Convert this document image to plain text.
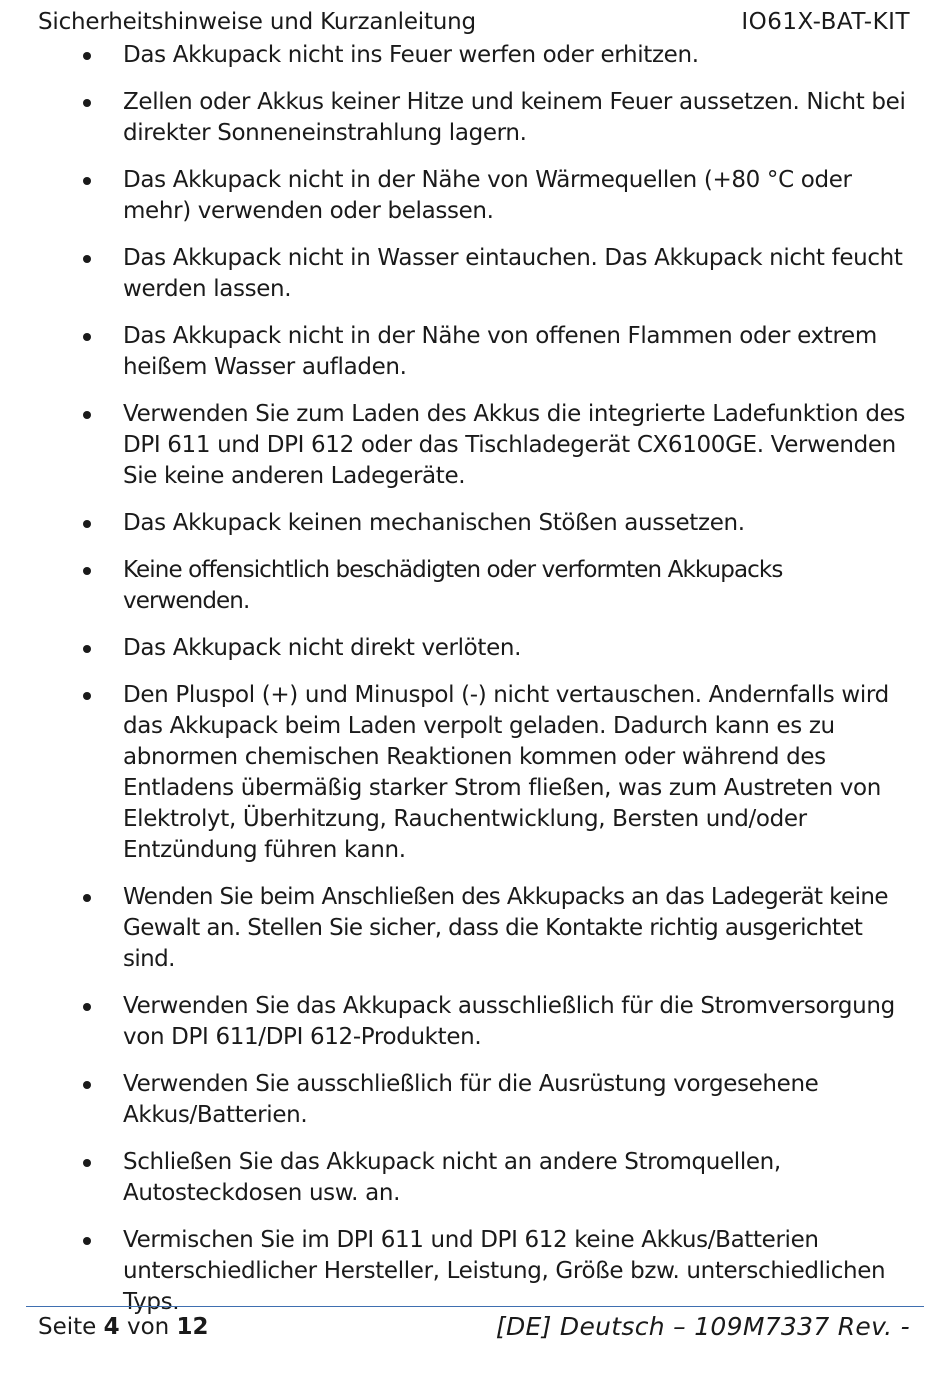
Sicherheitshinweise und Kurzanleitung	IO61X-BAT-KIT
Das Akkupack nicht ins Feuer werfen oder erhitzen.
Zellen oder Akkus keiner Hitze und keinem Feuer aussetzen. Nicht bei direkter Sonneneinstrahlung lagern.
Das Akkupack nicht in der Nähe von Wärmequellen (+80 °C oder mehr) verwenden oder belassen.
Das Akkupack nicht in Wasser eintauchen. Das Akkupack nicht feucht werden lassen.
Das Akkupack nicht in der Nähe von offenen Flammen oder extrem heißem Wasser aufladen.
Verwenden Sie zum Laden des Akkus die integrierte Ladefunktion des DPI 611 und DPI 612 oder das Tischladegerät CX6100GE. Verwenden Sie keine anderen Ladegeräte.
Das Akkupack keinen mechanischen Stößen aussetzen.
Keine offensichtlich beschädigten oder verformten Akkupacks verwenden.
Das Akkupack nicht direkt verlöten.
Den Pluspol (+) und Minuspol (-) nicht vertauschen. Andernfalls wird das Akkupack beim Laden verpolt geladen. Dadurch kann es zu abnormen chemischen Reaktionen kommen oder während des Entladens übermäßig starker Strom fließen, was zum Austreten von Elektrolyt, Überhitzung, Rauchentwicklung, Bersten und/oder Entzündung führen kann.
Wenden Sie beim Anschließen des Akkupacks an das Ladegerät keine Gewalt an. Stellen Sie sicher, dass die Kontakte richtig ausgerichtet sind.
Verwenden Sie das Akkupack ausschließlich für die Stromversorgung von DPI 611/DPI 612-Produkten.
Verwenden Sie ausschließlich für die Ausrüstung vorgesehene Akkus/Batterien.
Schließen Sie das Akkupack nicht an andere Stromquellen, Autosteckdosen usw. an.
Vermischen Sie im DPI 611 und DPI 612 keine Akkus/Batterien unterschiedlicher Hersteller, Leistung, Größe bzw. unterschiedlichen Typs.
Seite 4 von 12	[DE] Deutsch – 109M7337 Rev. -
